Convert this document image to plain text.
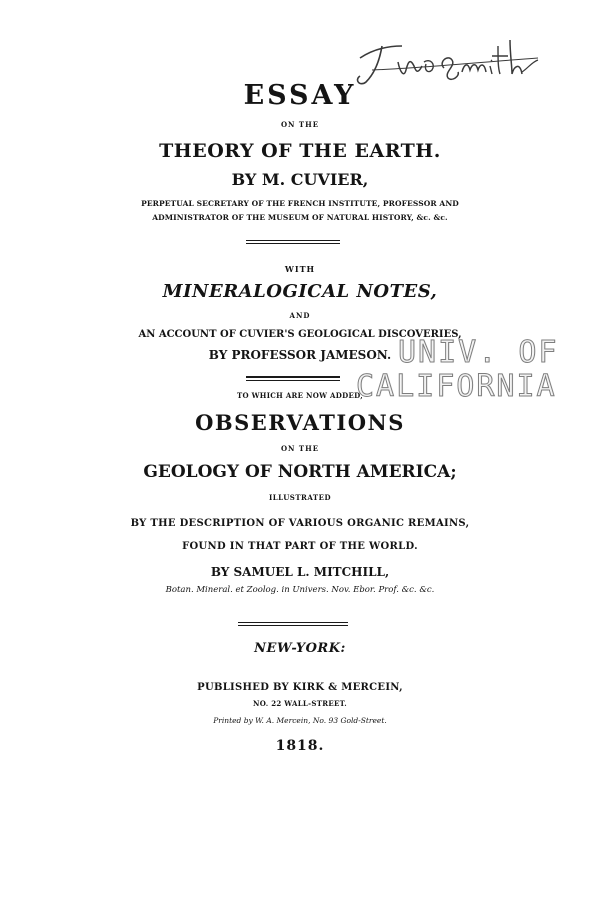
ESSAY
ON THE
THEORY OF THE EARTH.
BY M. CUVIER,
PERPETUAL SECRETARY OF THE FRENCH INSTITUTE, PROFESSOR AND
ADMINISTRATOR OF THE MUSEUM OF NATURAL HISTORY, &c. &c.
WITH
MINERALOGICAL NOTES,
AND
AN ACCOUNT OF CUVIER'S GEOLOGICAL DISCOVERIES,
BY PROFESSOR JAMESON. UNIV. OF
CALIFORNIA
TO WHICH ARE NOW ADDED,
OBSERVATIONS
ON THE
GEOLOGY OF NORTH AMERICA;
ILLUSTRATED
BY THE DESCRIPTION OF VARIOUS ORGANIC REMAINS,
FOUND IN THAT PART OF THE WORLD.
BY SAMUEL L. MITCHILL,
Botan. Mineral. et Zoolog. in Univers. Nov. Ebor. Prof. &c. &c.
NEW-YORK:
PUBLISHED BY KIRK & MERCEIN,
NO. 22 WALL-STREET.
Printed by W. A. Mercein, No. 93 Gold-Street.
1818.
